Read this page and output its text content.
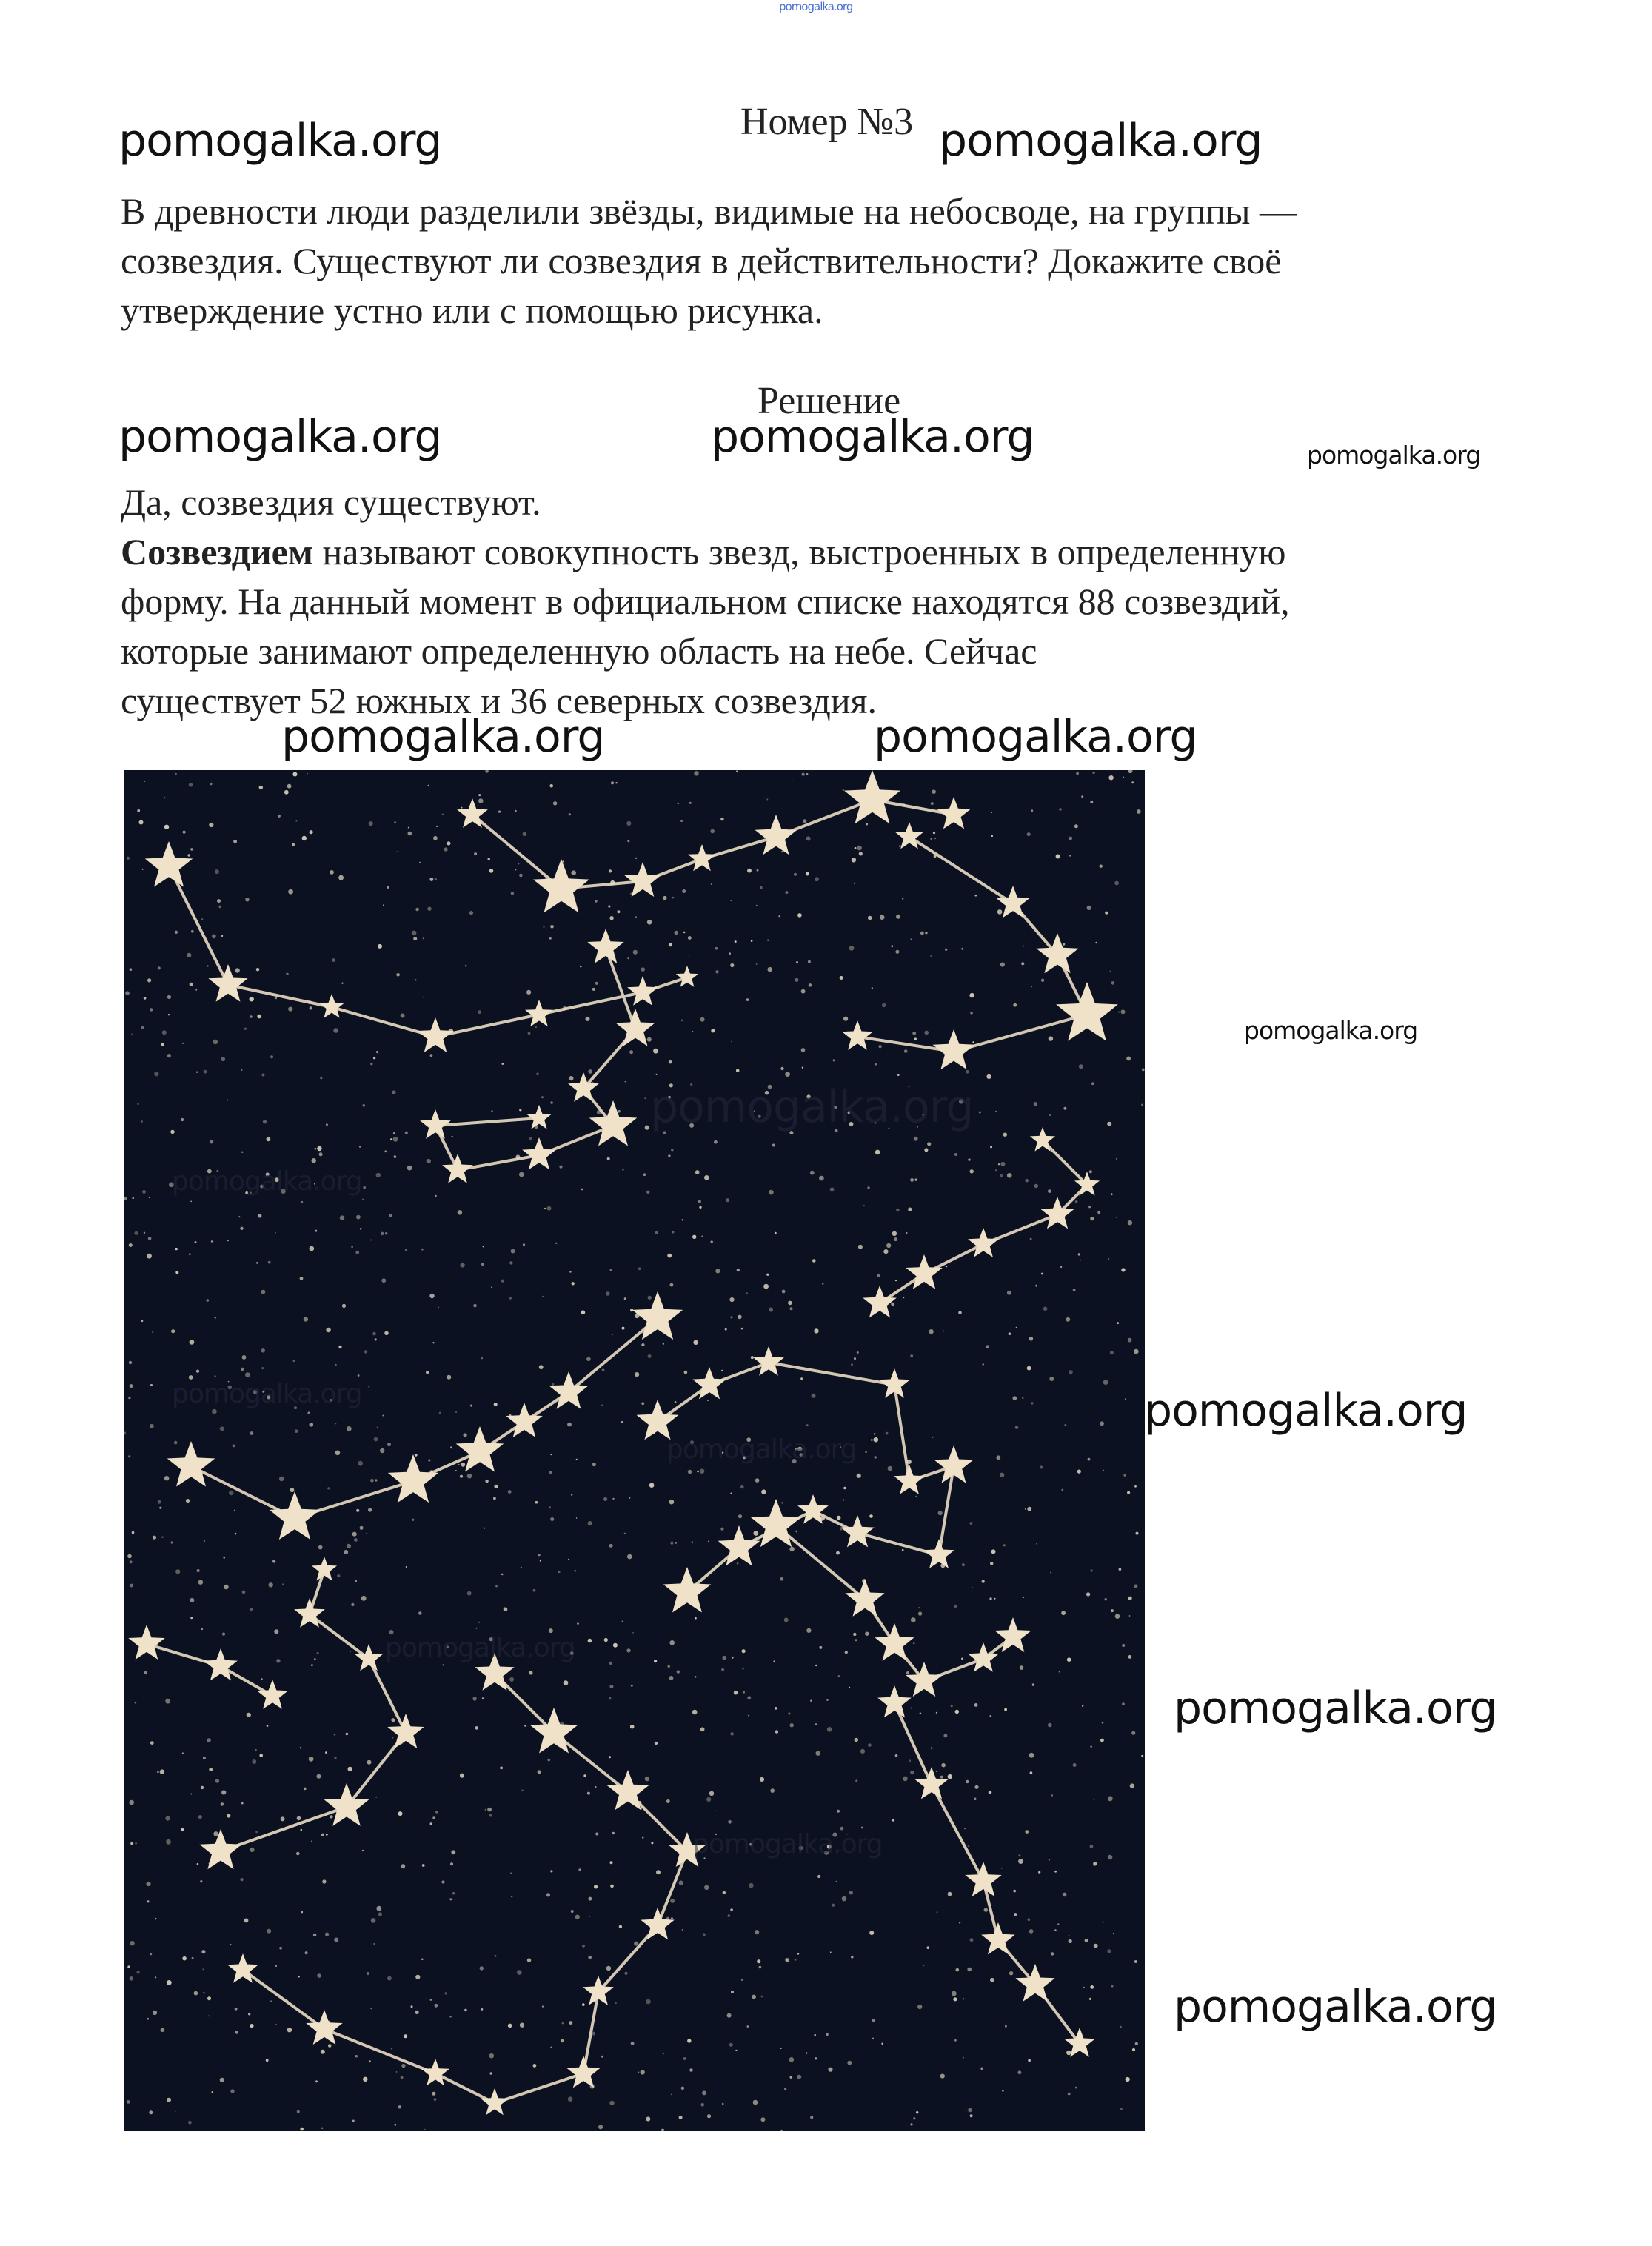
pomogalka.org
pomogalka.org	Номер №3 pomogalka.org
В древности люди разделили звёзды, видимые на небосводе, на группы —
созвездия. Существуют ли созвездия в действительности? Докажите своё
утверждение устно или с помощью рисунка.
Решение
pomogalka.org	pomogalka.org	pomogalka.org
Да, созвездия существуют.
Созвездием называют совокупность звезд, выстроенных в определенную
форму. На данный момент в официальном списке находятся 88 созвездий,
которые занимают определенную область на небе. Сейчас
существует 52 южных и 36 северных созвездия.
pomogalka.org	pomogalka.org
pomogalka.org
pomogalka.org
pomogalka.org
pomogalka.org
pomogalka.org
pomogalka.org
pomogalka.org
pomogalka.org
pomogalka.org
pomogalka.org
